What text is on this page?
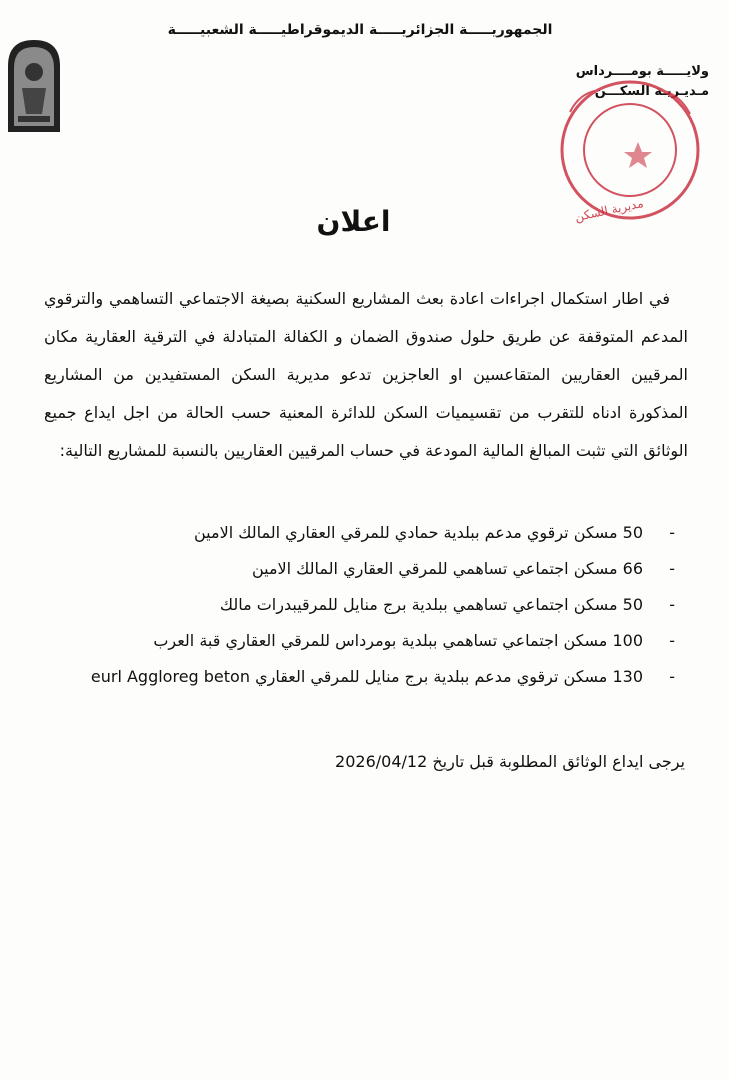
الجمهوريـــــة الجزائريـــــة الديموقراطيـــــة الشعبيـــــة
ولايـــــة بومــــرداس
مـديـريـة السكـــن
مديرية السكن
اعلان

في اطار استكمال اجراءات اعادة بعث المشاريع السكنية بصيغة الاجتماعي التساهمي والترقوي المدعم المتوقفة عن طريق حلول صندوق الضمان و الكفالة المتبادلة في الترقية العقارية مكان المرقيين العقاريين المتقاعسين او العاجزين تدعو مديرية السكن المستفيدين من المشاريع المذكورة ادناه للتقرب من تقسيميات السكن للدائرة المعنية حسب الحالة من اجل ايداع جميع الوثائق التي تثبت المبالغ المالية المودعة في حساب المرقيين العقاريين بالنسبة للمشاريع التالية:

-
50 مسكن ترقوي مدعم ببلدية حمادي للمرقي العقاري المالك الامين
-
66 مسكن اجتماعي تساهمي للمرقي العقاري المالك الامين
-
50 مسكن اجتماعي تساهمي ببلدية برج منايل للمرقيبدرات مالك
-
100 مسكن اجتماعي تساهمي ببلدية بومرداس للمرقي العقاري قبة العرب
-
130 مسكن ترقوي مدعم ببلدية برج منايل للمرقي العقاري eurl Aggloreg beton
يرجى ايداع الوثائق المطلوبة قبل تاريخ 2026/04/12
